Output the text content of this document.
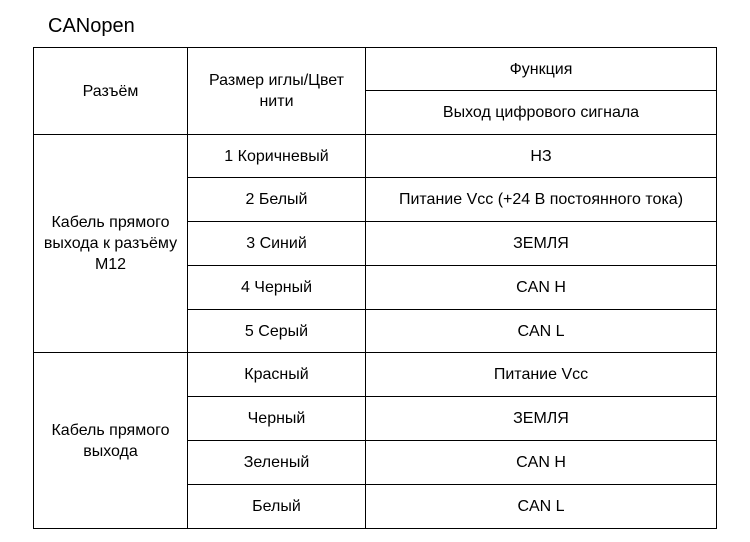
CANopen
Разъём	Размер иглы/Цвет нити	Функция
		Выход цифрового сигнала
Кабель прямого выхода к разъёму M12	1 Коричневый	НЗ
	2 Белый	Питание Vcc (+24 В постоянного тока)
	3 Синий	ЗЕМЛЯ
	4 Черный	CAN H
	5 Серый	CAN L
Кабель прямого выхода	Красный	Питание Vcc
	Черный	ЗЕМЛЯ
	Зеленый	CAN H
	Белый	CAN L
